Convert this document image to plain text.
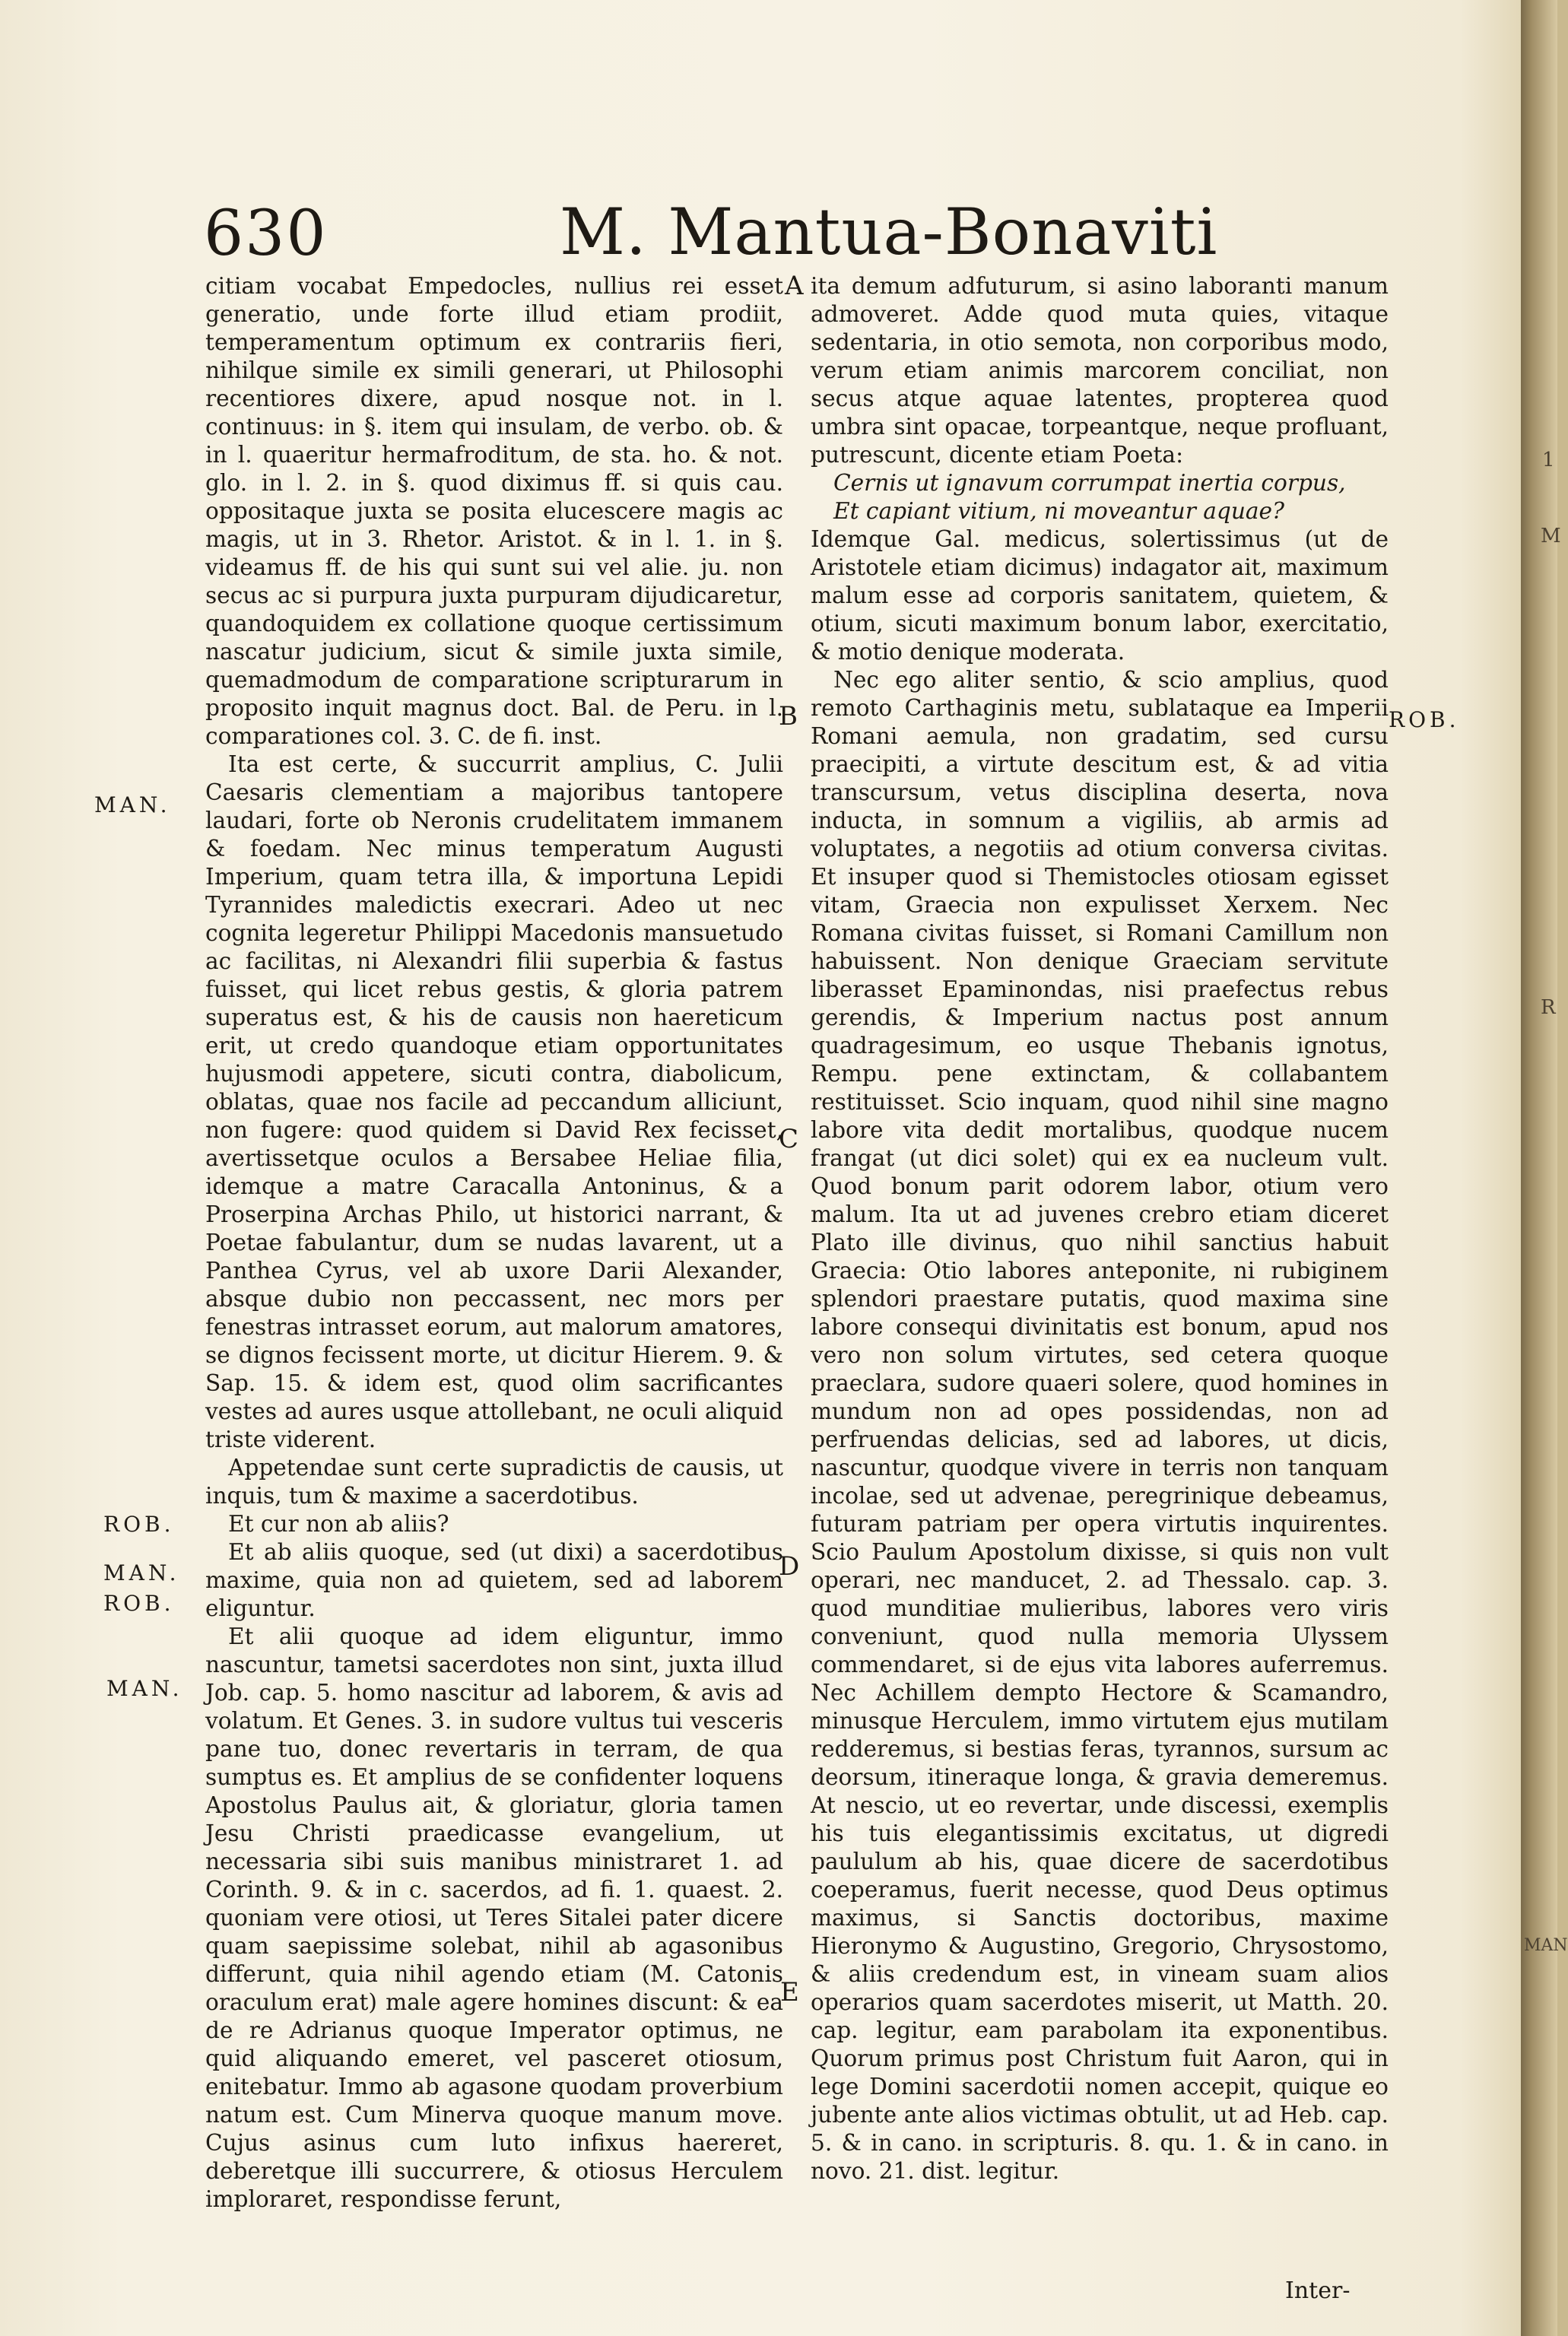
630	M. Mantua-Bonaviti

citiam vocabat Empedocles, nullius rei esset generatio, unde forte illud etiam prodiit, temperamentum optimum ex contrariis fieri, nihilque simile ex simili generari, ut Philosophi recentiores dixere, apud nosque not. in l. continuus: in §. item qui insulam, de verbo. ob. & in l. quaeritur hermafroditum, de sta. ho. & not. glo. in l. 2. in §. quod diximus ff. si quis cau. oppositaque juxta se posita elucescere magis ac magis, ut in 3. Rhetor. Aristot. & in l. 1. in §. videamus ff. de his qui sunt sui vel alie. ju. non secus ac si purpura juxta purpuram dijudicaretur, quandoquidem ex collatione quoque certissimum nascatur judicium, sicut & simile juxta simile, quemadmodum de comparatione scripturarum in proposito inquit magnus doct. Bal. de Peru. in l. comparationes col. 3. C. de fi. inst.

Ita est certe, & succurrit amplius, C. Julii Caesaris clementiam a majoribus tantopere laudari, forte ob Neronis crudelitatem immanem & foedam. Nec minus temperatum Augusti Imperium, quam tetra illa, & importuna Lepidi Tyrannides maledictis execrari. Adeo ut nec cognita legeretur Philippi Macedonis mansuetudo ac facilitas, ni Alexandri filii superbia & fastus fuisset, qui licet rebus gestis, & gloria patrem superatus est, & his de causis non haereticum erit, ut credo quandoque etiam opportunitates hujusmodi appetere, sicuti contra, diabolicum, oblatas, quae nos facile ad peccandum alliciunt, non fugere: quod quidem si David Rex fecisset, avertissetque oculos a Bersabee Heliae filia, idemque a matre Caracalla Antoninus, & a Proserpina Archas Philo, ut historici narrant, & Poetae fabulantur, dum se nudas lavarent, ut a Panthea Cyrus, vel ab uxore Darii Alexander, absque dubio non peccassent, nec mors per fenestras intrasset eorum, aut malorum amatores, se dignos fecissent morte, ut dicitur Hierem. 9. & Sap. 15. & idem est, quod olim sacrificantes vestes ad aures usque attollebant, ne oculi aliquid triste viderent.

Appetendae sunt certe supradictis de causis, ut inquis, tum & maxime a sacerdotibus.

Et cur non ab aliis?

Et ab aliis quoque, sed (ut dixi) a sacerdotibus maxime, quia non ad quietem, sed ad laborem eliguntur.

Et alii quoque ad idem eliguntur, immo nascuntur, tametsi sacerdotes non sint, juxta illud Job. cap. 5. homo nascitur ad laborem, & avis ad volatum. Et Genes. 3. in sudore vultus tui vesceris pane tuo, donec revertaris in terram, de qua sumptus es. Et amplius de se confidenter loquens Apostolus Paulus ait, & gloriatur, gloria tamen Jesu Christi praedicasse evangelium, ut necessaria sibi suis manibus ministraret 1. ad Corinth. 9. & in c. sacerdos, ad fi. 1. quaest. 2. quoniam vere otiosi, ut Teres Sitalei pater dicere quam saepissime solebat, nihil ab agasonibus differunt, quia nihil agendo etiam (M. Catonis oraculum erat) male agere homines discunt: & ea de re Adrianus quoque Imperator optimus, ne quid aliquando emeret, vel pasceret otiosum, enitebatur. Immo ab agasone quodam proverbium natum est. Cum Minerva quoque manum move. Cujus asinus cum luto infixus haereret, deberetque illi succurrere, & otiosus Herculem imploraret, respondisse ferunt,

ita demum adfuturum, si asino laboranti manum admoveret. Adde quod muta quies, vitaque sedentaria, in otio semota, non corporibus modo, verum etiam animis marcorem conciliat, non secus atque aquae latentes, propterea quod umbra sint opacae, torpeantque, neque profluant, putrescunt, dicente etiam Poeta:

Cernis ut ignavum corrumpat inertia corpus,

Et capiant vitium, ni moveantur aquae?

Idemque Gal. medicus, solertissimus (ut de Aristotele etiam dicimus) indagator ait, maximum malum esse ad corporis sanitatem, quietem, & otium, sicuti maximum bonum labor, exercitatio, & motio denique moderata.

Nec ego aliter sentio, & scio amplius, quod remoto Carthaginis metu, sublataque ea Imperii Romani aemula, non gradatim, sed cursu praecipiti, a virtute descitum est, & ad vitia transcursum, vetus disciplina deserta, nova inducta, in somnum a vigiliis, ab armis ad voluptates, a negotiis ad otium conversa civitas. Et insuper quod si Themistocles otiosam egisset vitam, Graecia non expulisset Xerxem. Nec Romana civitas fuisset, si Romani Camillum non habuissent. Non denique Graeciam servitute liberasset Epaminondas, nisi praefectus rebus gerendis, & Imperium nactus post annum quadragesimum, eo usque Thebanis ignotus, Rempu. pene extinctam, & collabantem restituisset. Scio inquam, quod nihil sine magno labore vita dedit mortalibus, quodque nucem frangat (ut dici solet) qui ex ea nucleum vult. Quod bonum parit odorem labor, otium vero malum. Ita ut ad juvenes crebro etiam diceret Plato ille divinus, quo nihil sanctius habuit Graecia: Otio labores anteponite, ni rubiginem splendori praestare putatis, quod maxima sine labore consequi divinitatis est bonum, apud nos vero non solum virtutes, sed cetera quoque praeclara, sudore quaeri solere, quod homines in mundum non ad opes possidendas, non ad perfruendas delicias, sed ad labores, ut dicis, nascuntur, quodque vivere in terris non tanquam incolae, sed ut advenae, peregrinique debeamus, futuram patriam per opera virtutis inquirentes. Scio Paulum Apostolum dixisse, si quis non vult operari, nec manducet, 2. ad Thessalo. cap. 3. quod munditiae mulieribus, labores vero viris conveniunt, quod nulla memoria Ulyssem commendaret, si de ejus vita labores auferremus. Nec Achillem dempto Hectore & Scamandro, minusque Herculem, immo virtutem ejus mutilam redderemus, si bestias feras, tyrannos, sursum ac deorsum, itineraque longa, & gravia demeremus. At nescio, ut eo revertar, unde discessi, exemplis his tuis elegantissimis excitatus, ut digredi paululum ab his, quae dicere de sacerdotibus coeperamus, fuerit necesse, quod Deus optimus maximus, si Sanctis doctoribus, maxime Hieronymo & Augustino, Gregorio, Chrysostomo, & aliis credendum est, in vineam suam alios operarios quam sacerdotes miserit, ut Matth. 20. cap. legitur, eam parabolam ita exponentibus. Quorum primus post Christum fuit Aaron, qui in lege Domini sacerdotii nomen accepit, quique eo jubente ante alios victimas obtulit, ut ad Heb. cap. 5. & in cano. in scripturis. 8. qu. 1. & in cano. in novo. 21. dist. legitur.

MAN.
ROB.
MAN.
ROB.
MAN.
ROB.
A
B
C
D
E
Inter-
1
M
R
MAN
